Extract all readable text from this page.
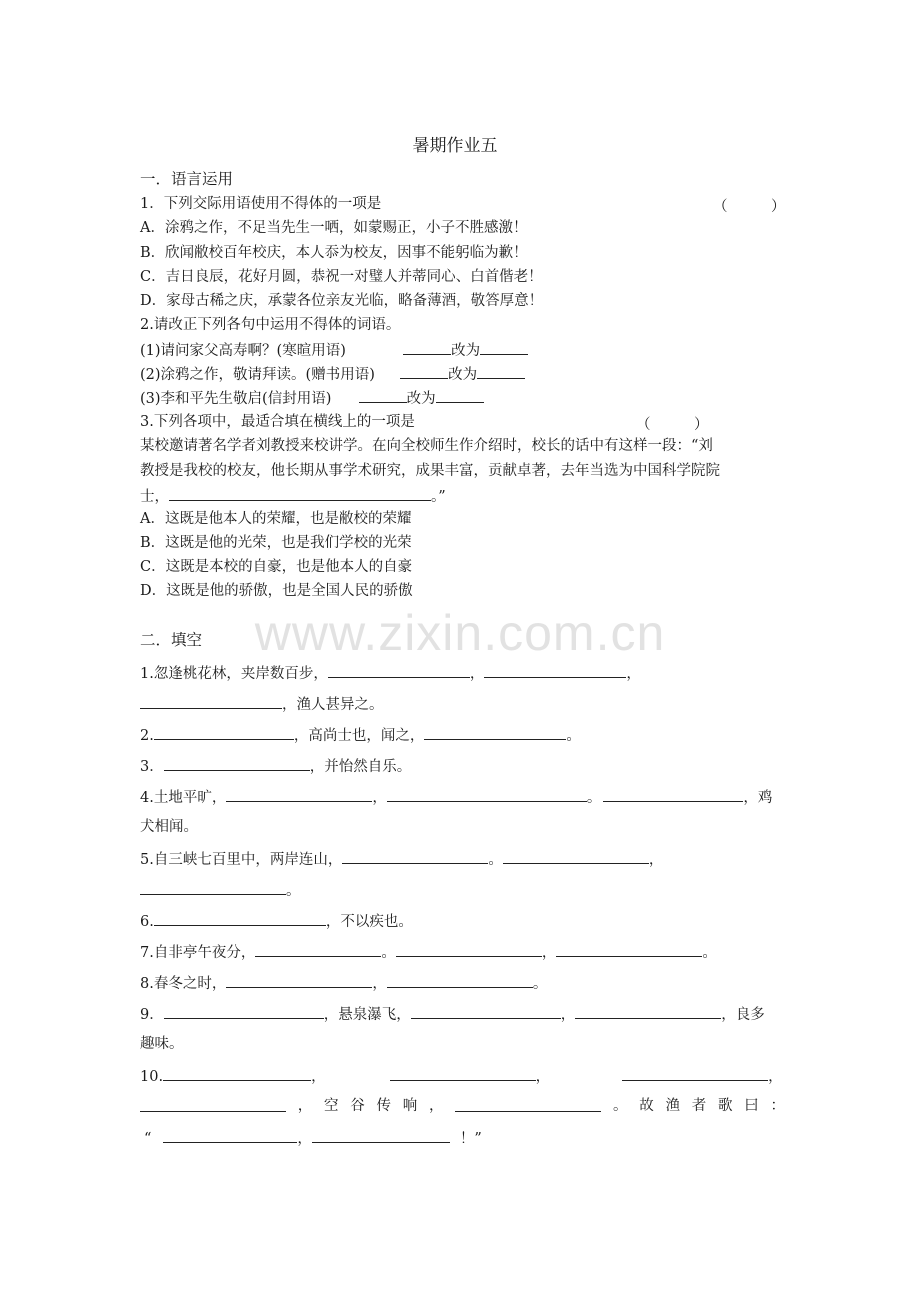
暑期作业五
一．语言运用
1．下列交际用语使用不得体的一项是	（　　　）
A．涂鸦之作，不足当先生一哂，如蒙赐正，小子不胜感激！
B．欣闻敝校百年校庆，本人忝为校友，因事不能躬临为歉！
C．吉日良辰，花好月圆，恭祝一对璧人并蒂同心、白首偕老！
D．家母古稀之庆，承蒙各位亲友光临，略备薄酒，敬答厚意！
2.请改正下列各句中运用不得体的词语。
(1)请问家父高寿啊？(寒暄用语)	改为
(2)涂鸦之作，敬请拜读。(赠书用语)	改为
(3)李和平先生敬启(信封用语)	改为
3.下列各项中，最适合填在横线上的一项是	（　　　）
某校邀请著名学者刘教授来校讲学。在向全校师生作介绍时，校长的话中有这样一段：“刘
教授是我校的校友，他长期从事学术研究，成果丰富，贡献卓著，去年当选为中国科学院院
士，	。”
A．这既是他本人的荣耀，也是敝校的荣耀
B．这既是他的光荣，也是我们学校的光荣
C．这既是本校的自豪，也是他本人的自豪
D．这既是他的骄傲，也是全国人民的骄傲
www.zixin.com.cn
二．填空
1.忽逢桃花林，夹岸数百步，	，	，
，渔人甚异之。
2.	，高尚士也，闻之，	。
3．	，并怡然自乐。
4.土地平旷，	，	。	，鸡
犬相闻。
5.自三峡七百里中，两岸连山，	。	，
。
6.	，不以疾也。
7.自非亭午夜分，	。	，	。
8.春冬之时，	，	。
9．	，悬泉瀑飞，	，	，良多
趣味。
10.	，	，	，
， 空 谷 传 响 ，	。 故 渔 者 歌 曰 ：
“	，	！”
